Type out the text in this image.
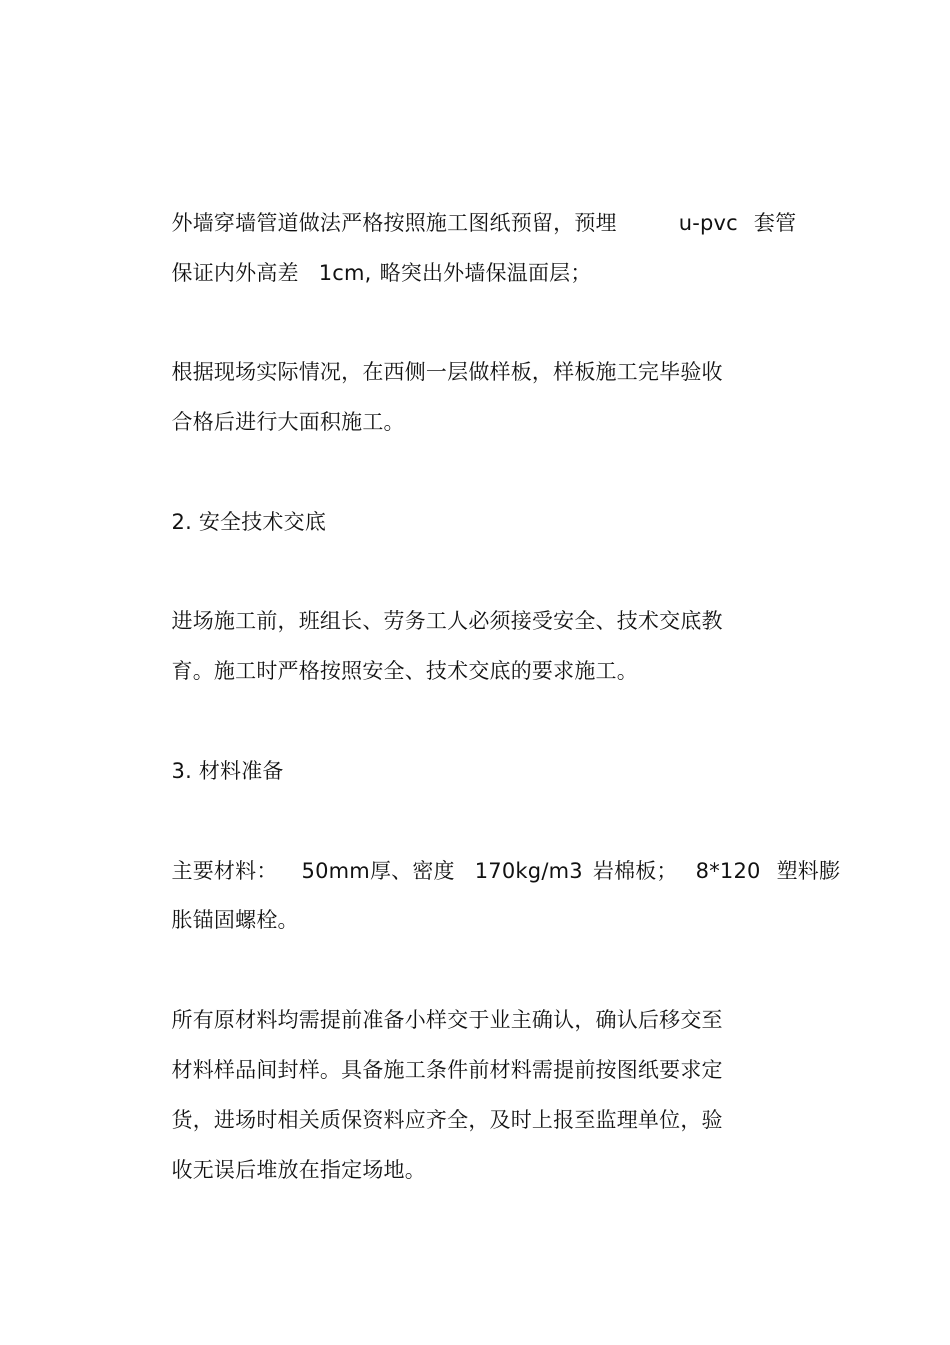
外墙穿墙管道做法严格按照施工图纸预留，预埋	u-pvc 套管

保证内外高差 1cm, 略突出外墙保温面层；

根据现场实际情况，在西侧一层做样板，样板施工完毕验收

合格后进行大面积施工。

2. 安全技术交底

进场施工前，班组长、劳务工人必须接受安全、技术交底教

育。施工时严格按照安全、技术交底的要求施工。

3. 材料准备

主要材料： 50mm厚、密度 170kg/m3 岩棉板； 8*120 塑料膨

胀锚固螺栓。

所有原材料均需提前准备小样交于业主确认，确认后移交至

材料样品间封样。具备施工条件前材料需提前按图纸要求定

货，进场时相关质保资料应齐全，及时上报至监理单位，验

收无误后堆放在指定场地。
